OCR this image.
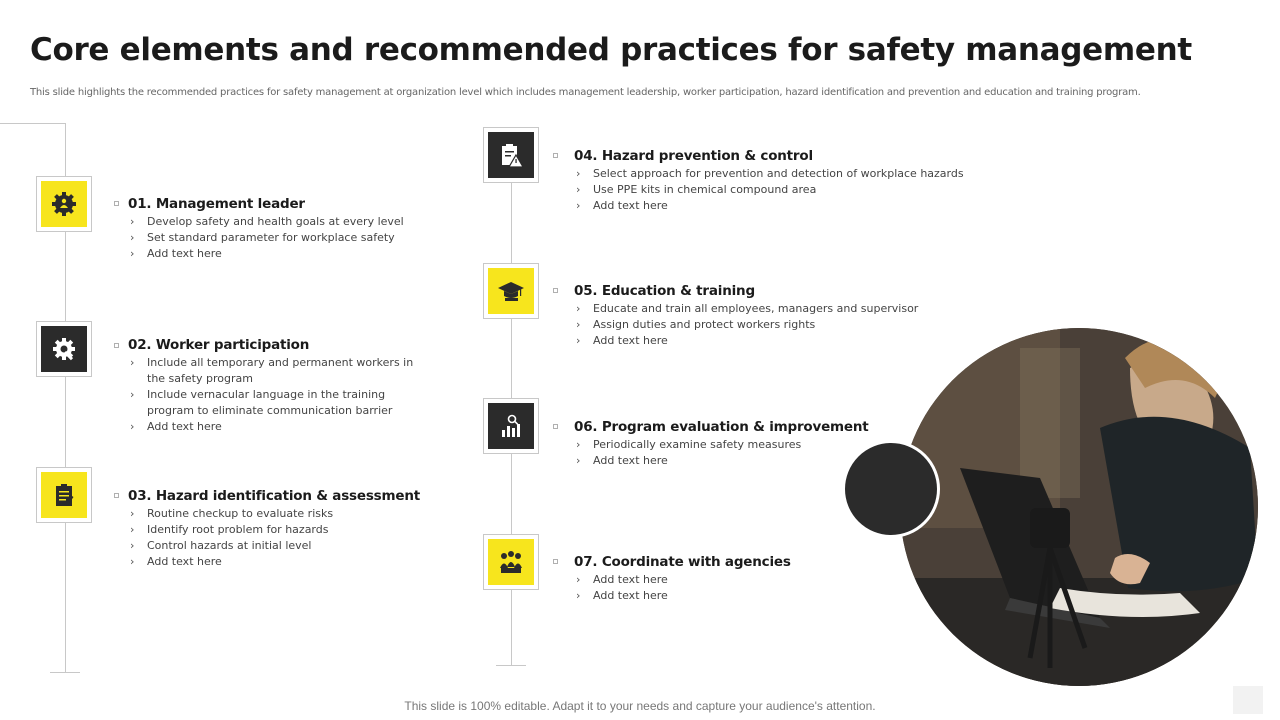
Core elements and recommended practices for safety management
This slide highlights the recommended practices for safety management at organization level which includes management leadership, worker participation, hazard identification and prevention and education and training program.
01. Management leader
› Develop safety and health goals at every level
› Set standard parameter for workplace safety
› Add text here
02. Worker participation
› Include all temporary and permanent workers in the safety program
› Include vernacular language in the training program to eliminate communication barrier
› Add text here
03. Hazard identification & assessment
› Routine checkup to evaluate risks
› Identify root problem for hazards
› Control hazards at initial level
› Add text here
04. Hazard prevention & control
› Select approach for prevention and detection of workplace hazards
› Use PPE kits in chemical compound area
› Add text here
05. Education & training
› Educate and train all employees, managers and supervisor
› Assign duties and protect workers rights
› Add text here
06. Program evaluation & improvement
› Periodically examine safety measures
› Add text here
07. Coordinate with agencies
› Add text here
› Add text here
This slide is 100% editable. Adapt it to your needs and capture your audience's attention.
